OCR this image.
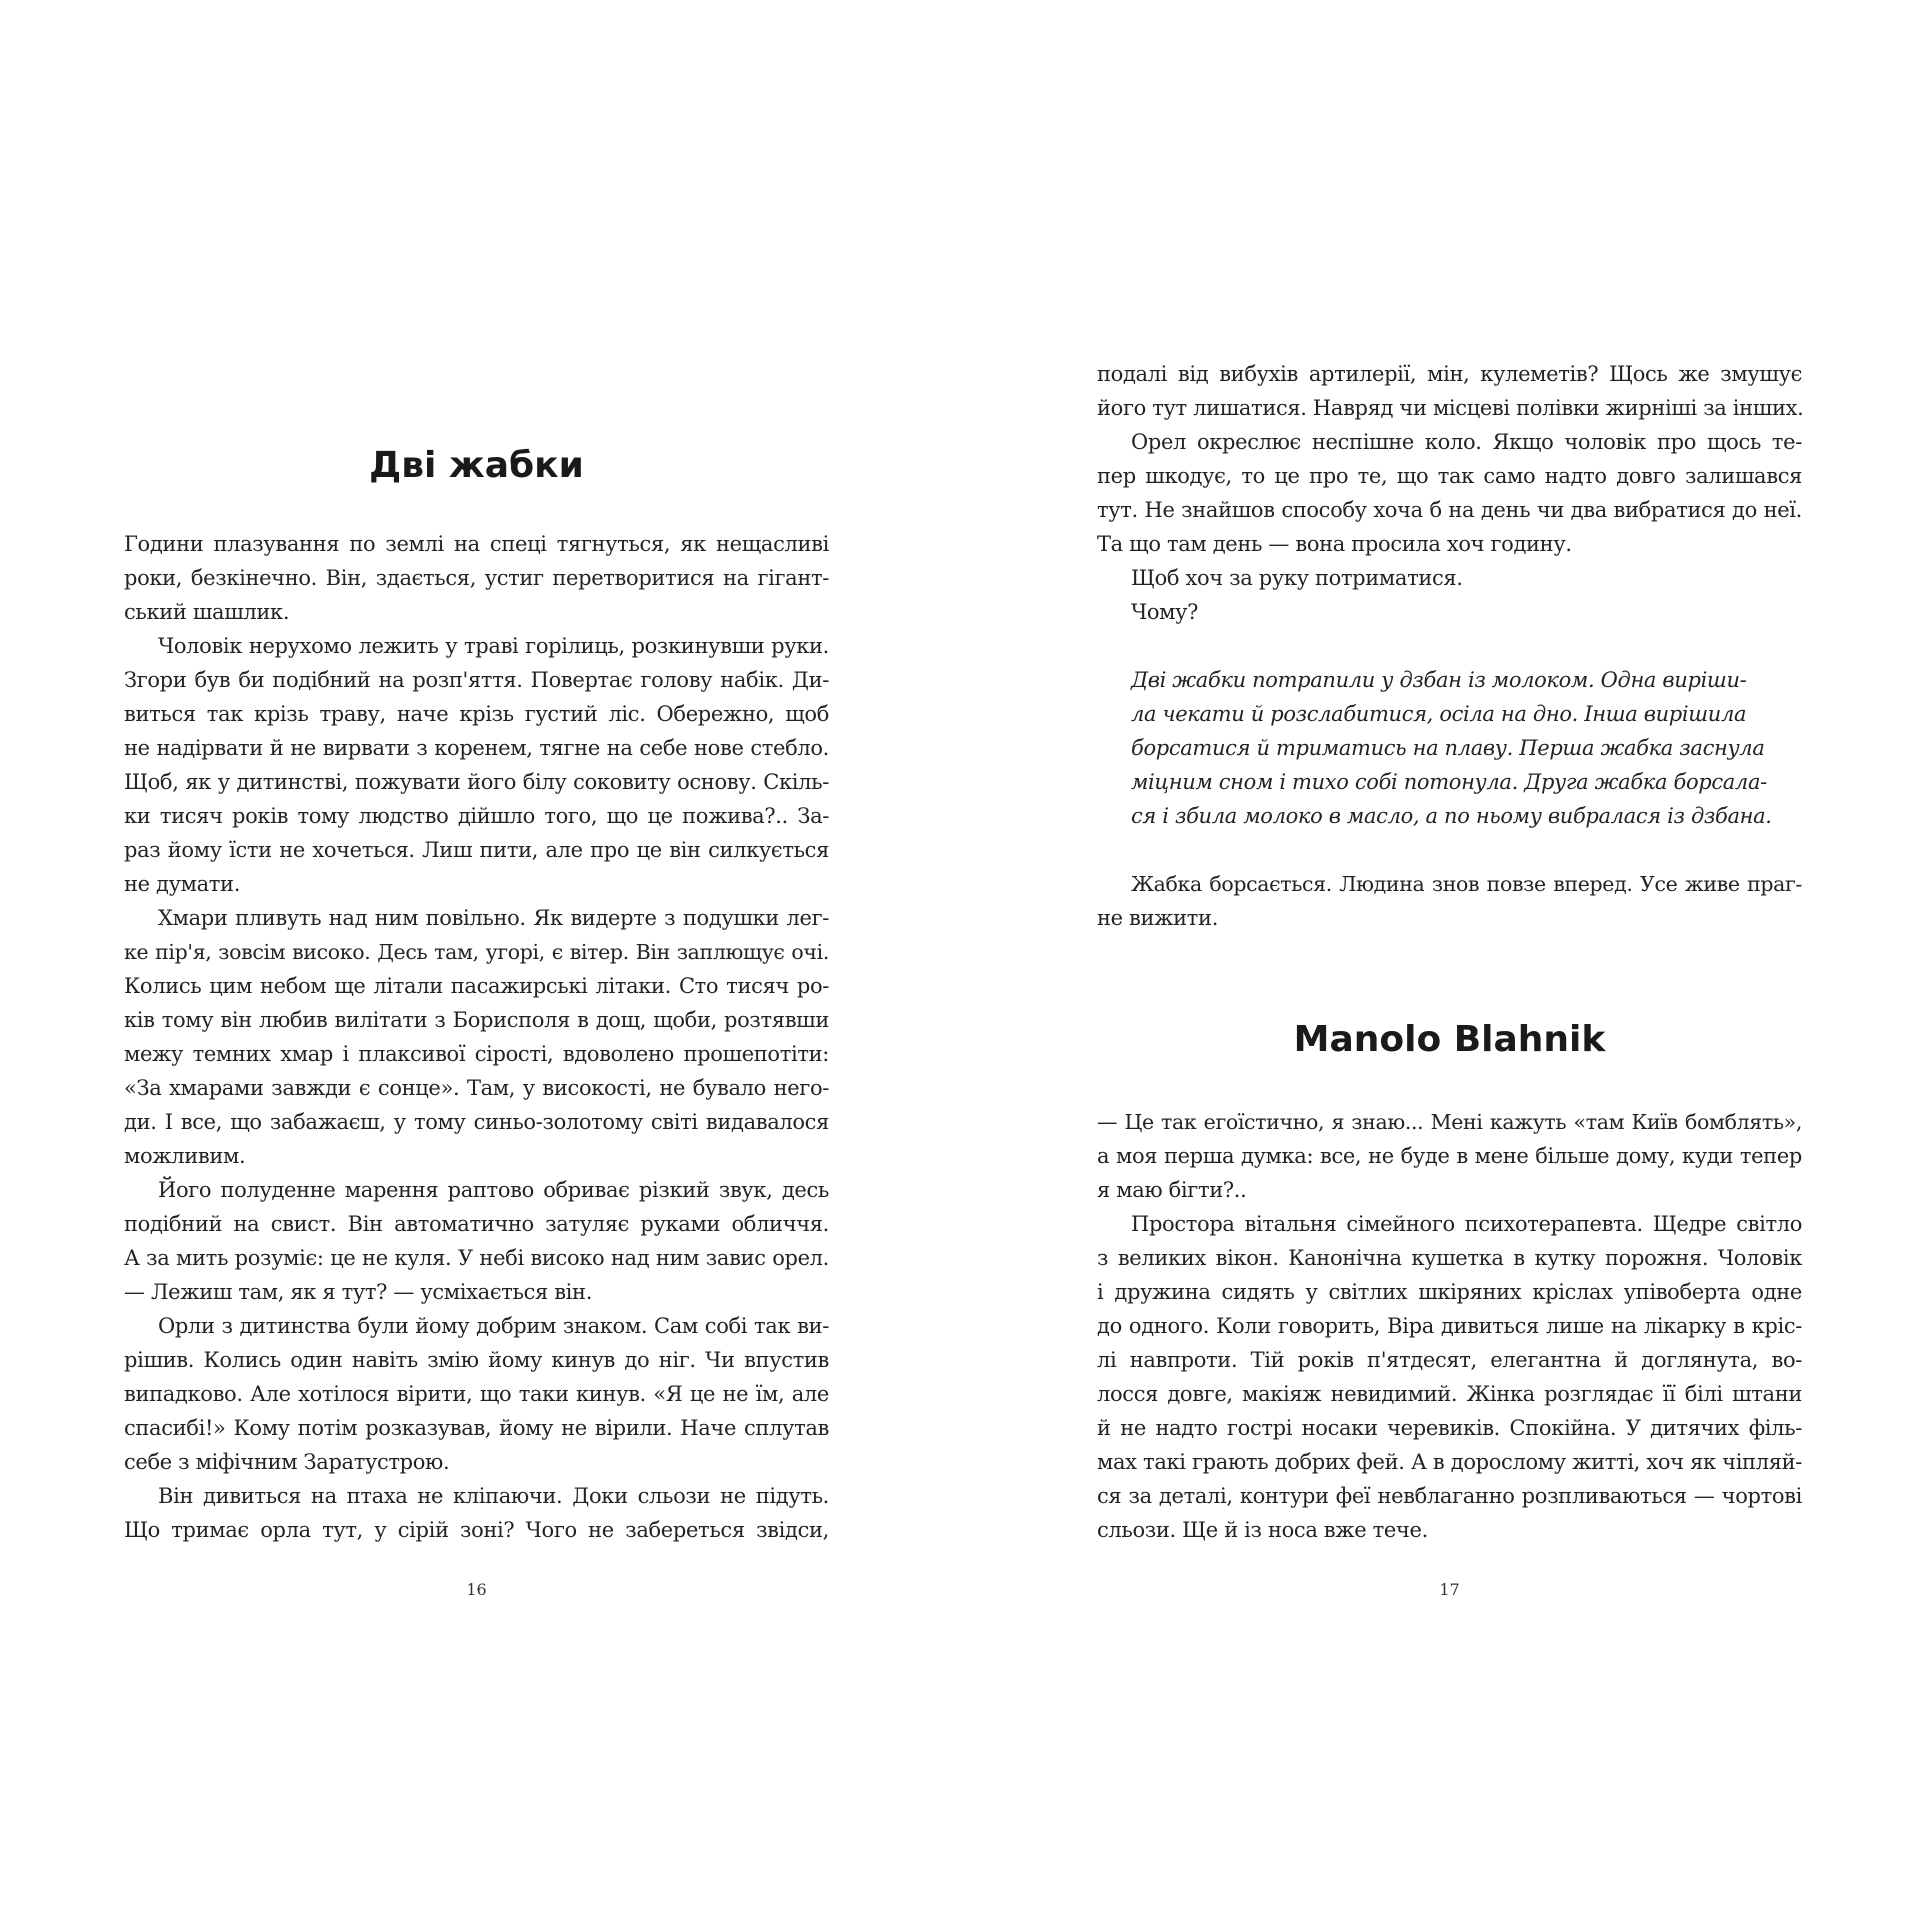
Дві жабки
Години плазування по землі на спеці тягнуться, як нещасливі
роки, безкінечно. Він, здається, устиг перетворитися на гігант-
ський шашлик.
Чоловік нерухомо лежить у траві горілиць, розкинувши руки.
Згори був би подібний на розп'яття. Повертає голову набік. Ди-
виться так крізь траву, наче крізь густий ліс. Обережно, щоб
не надірвати й не вирвати з коренем, тягне на себе нове стебло.
Щоб, як у дитинстві, пожувати його білу соковиту основу. Скіль-
ки тисяч років тому людство дійшло того, що це пожива?.. За-
раз йому їсти не хочеться. Лиш пити, але про це він силкується
не думати.
Хмари пливуть над ним повільно. Як видерте з подушки лег-
ке пір'я, зовсім високо. Десь там, угорі, є вітер. Він заплющує очі.
Колись цим небом ще літали пасажирські літаки. Сто тисяч ро-
ків тому він любив вилітати з Борисполя в дощ, щоби, розтявши
межу темних хмар і плаксивої сірості, вдоволено прошепотіти:
«За хмарами завжди є сонце». Там, у високості, не бувало него-
ди. І все, що забажаєш, у тому синьо-золотому світі видавалося
можливим.
Його полуденне марення раптово обриває різкий звук, десь
подібний на свист. Він автоматично затуляє руками обличчя.
А за мить розуміє: це не куля. У небі високо над ним завис орел.
— Лежиш там, як я тут? — усміхається він.
Орли з дитинства були йому добрим знаком. Сам собі так ви-
рішив. Колись один навіть змію йому кинув до ніг. Чи впустив
випадково. Але хотілося вірити, що таки кинув. «Я це не їм, але
спасибі!» Кому потім розказував, йому не вірили. Наче сплутав
себе з міфічним Заратустрою.
Він дивиться на птаха не кліпаючи. Доки сльози не підуть.
Що тримає орла тут, у сірій зоні? Чого не забереться звідси,
16
подалі від вибухів артилерії, мін, кулеметів? Щось же змушує
його тут лишатися. Навряд чи місцеві полівки жирніші за інших.
Орел окреслює неспішне коло. Якщо чоловік про щось те-
пер шкодує, то це про те, що так само надто довго залишався
тут. Не знайшов способу хоча б на день чи два вибратися до неї.
Та що там день — вона просила хоч годину.
Щоб хоч за руку потриматися.
Чому?
Дві жабки потрапили у дзбан із молоком. Одна виріши-
ла чекати й розслабитися, осіла на дно. Інша вирішила
борсатися й триматись на плаву. Перша жабка заснула
міцним сном і тихо собі потонула. Друга жабка борсала-
ся і збила молоко в масло, а по ньому вибралася із дзбана.
Жабка борсається. Людина знов повзе вперед. Усе живе праг-
не вижити.
Manolo Blahnik
— Це так егоїстично, я знаю... Мені кажуть «там Київ бомблять»,
а моя перша думка: все, не буде в мене більше дому, куди тепер
я маю бігти?..
Простора вітальня сімейного психотерапевта. Щедре світло
з великих вікон. Канонічна кушетка в кутку порожня. Чоловік
і дружина сидять у світлих шкіряних кріслах упівоберта одне
до одного. Коли говорить, Віра дивиться лише на лікарку в кріс-
лі навпроти. Тій років п'ятдесят, елегантна й доглянута, во-
лосся довге, макіяж невидимий. Жінка розглядає її білі штани
й не надто гострі носаки черевиків. Спокійна. У дитячих філь-
мах такі грають добрих фей. А в дорослому житті, хоч як чіпляй-
ся за деталі, контури феї невблаганно розпливаються — чортові
сльози. Ще й із носа вже тече.
17
